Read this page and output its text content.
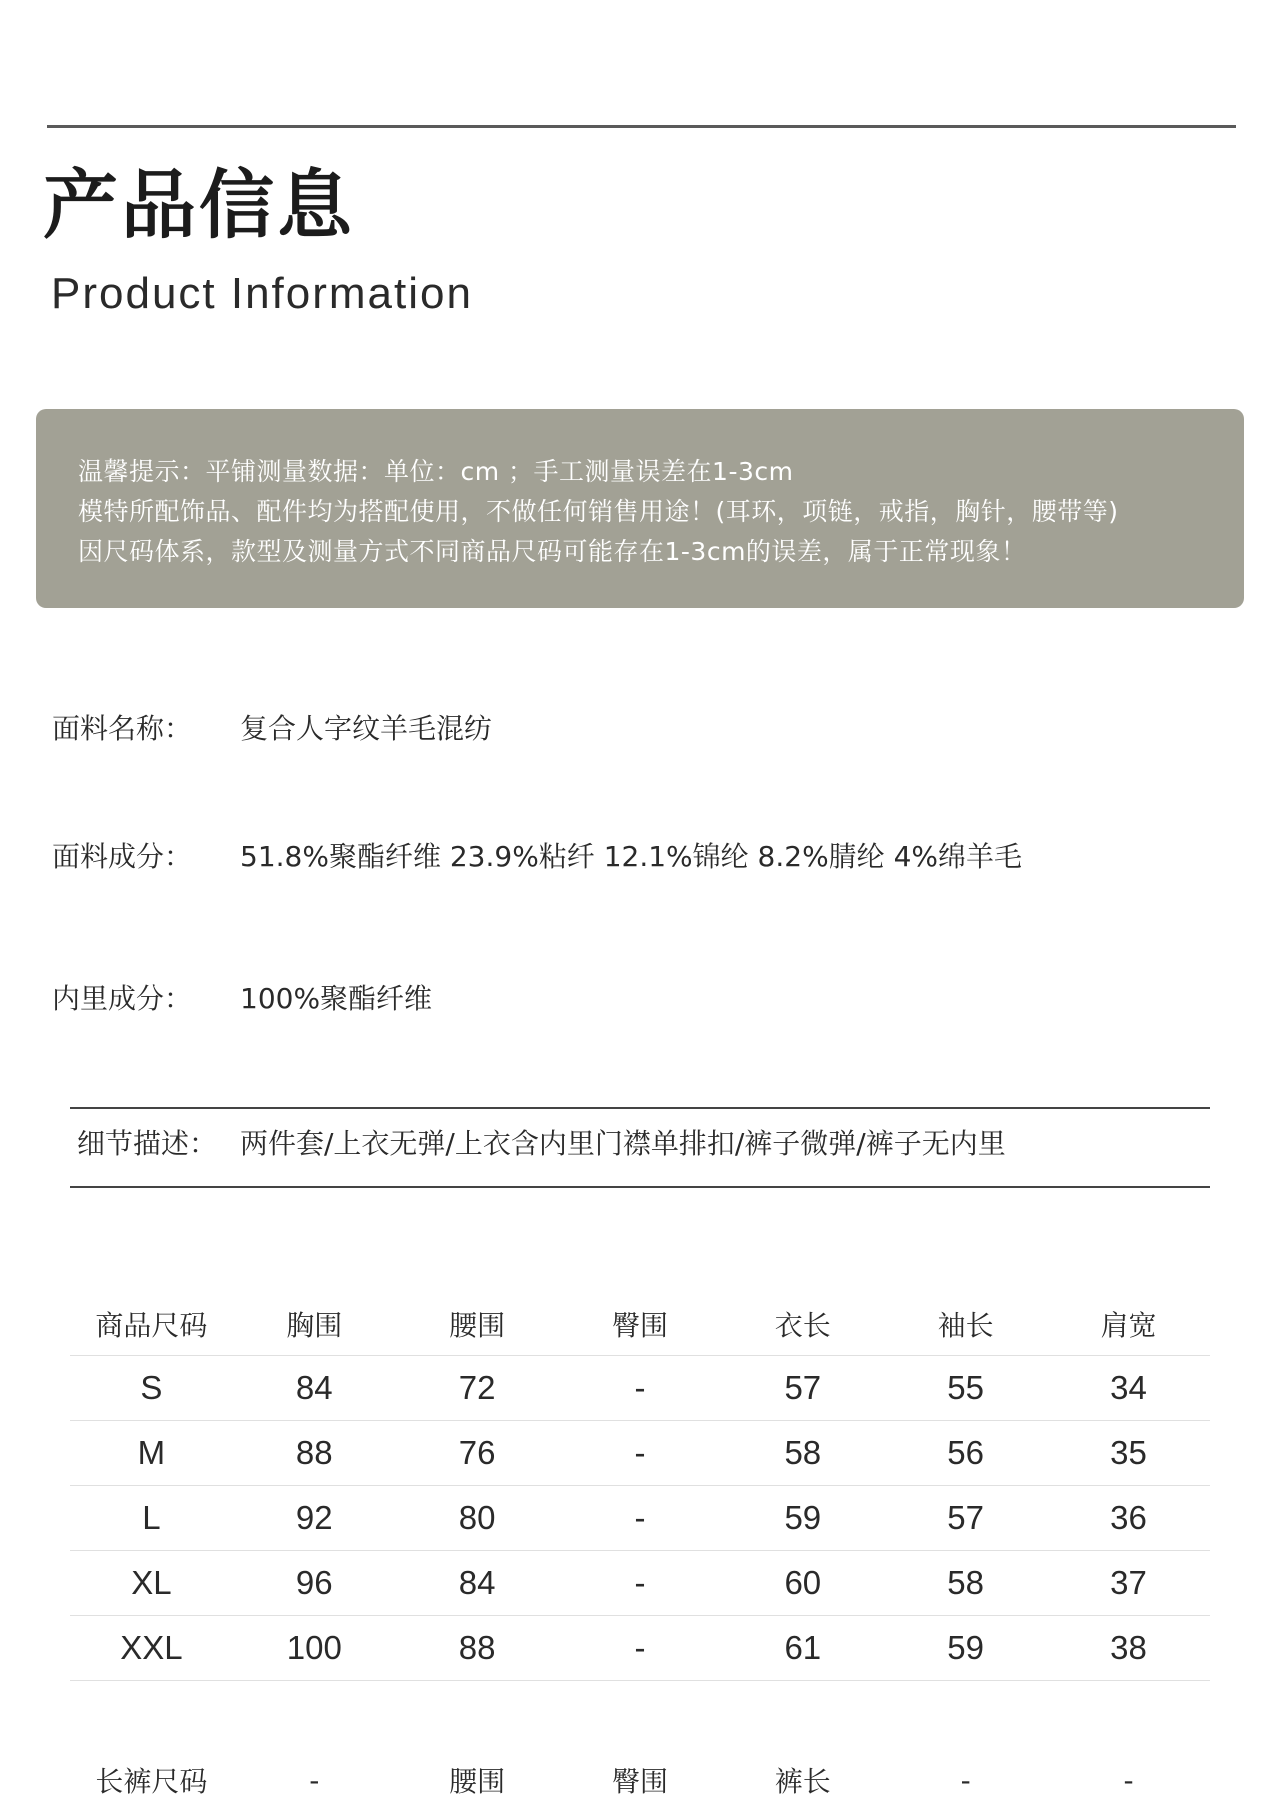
产品信息
Product Information
温馨提示：平铺测量数据：单位：cm ；手工测量误差在1-3cm
模特所配饰品、配件均为搭配使用，不做任何销售用途！(耳环，项链，戒指，胸针，腰带等)
因尺码体系，款型及测量方式不同商品尺码可能存在1-3cm的误差，属于正常现象！
面料名称： 复合人字纹羊毛混纺
面料成分： 51.8%聚酯纤维 23.9%粘纤 12.1%锦纶 8.2%腈纶 4%绵羊毛
内里成分： 100%聚酯纤维
细节描述： 两件套/上衣无弹/上衣含内里门襟单排扣/裤子微弹/裤子无内里
商品尺码	胸围	腰围	臀围	衣长	袖长	肩宽
S	84	72	-	57	55	34
M	88	76	-	58	56	35
L	92	80	-	59	57	36
XL	96	84	-	60	58	37
XXL	100	88	-	61	59	38
长裤尺码	-	腰围	臀围	裤长	-	-
